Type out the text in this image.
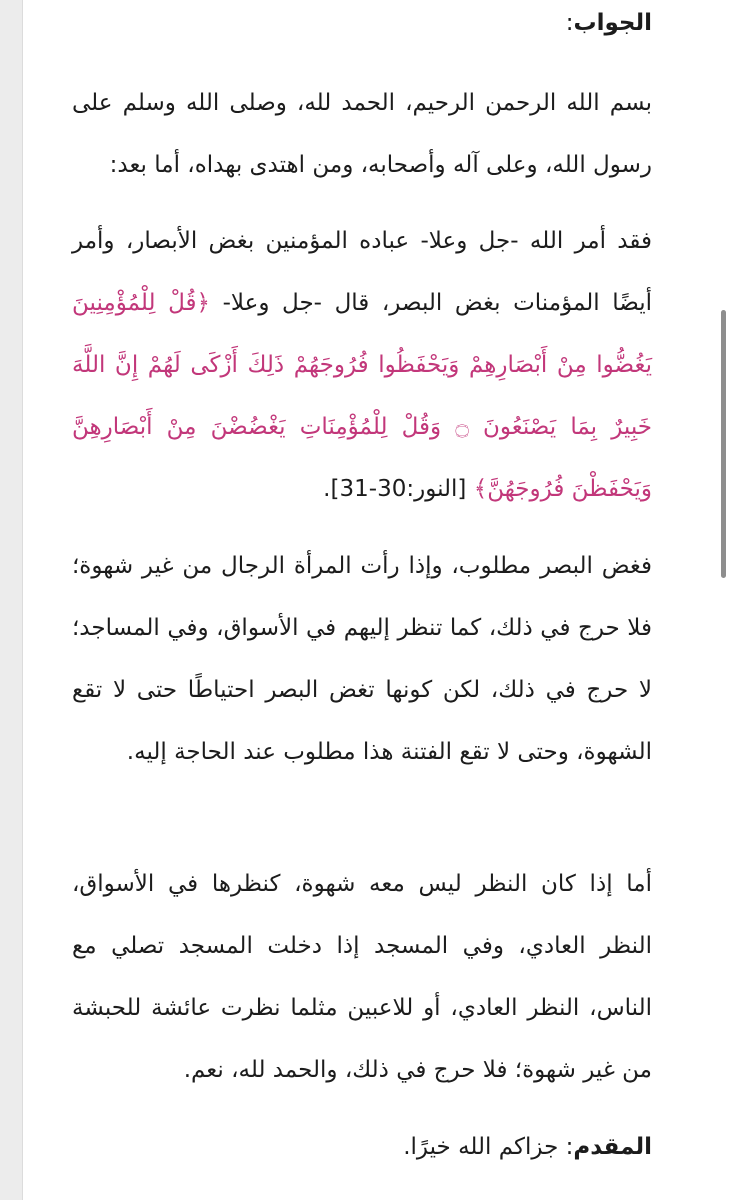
الجواب:

بسم الله الرحمن الرحيم، الحمد لله، وصلى الله وسلم على رسول الله، وعلى آله وأصحابه، ومن اهتدى بهداه، أما بعد:

فقد أمر الله -جل وعلا- عباده المؤمنين بغض الأبصار، وأمر أيضًا المؤمنات بغض البصر، قال -جل وعلا- ﴿قُلْ لِلْمُؤْمِنِينَ يَغُضُّوا مِنْ أَبْصَارِهِمْ وَيَحْفَظُوا فُرُوجَهُمْ ذَلِكَ أَزْكَى لَهُمْ إِنَّ اللَّهَ خَبِيرٌ بِمَا يَصْنَعُونَ ۝ وَقُلْ لِلْمُؤْمِنَاتِ يَغْضُضْنَ مِنْ أَبْصَارِهِنَّ وَيَحْفَظْنَ فُرُوجَهُنَّ﴾ [النور:30-31].

فغض البصر مطلوب، وإذا رأت المرأة الرجال من غير شهوة؛ فلا حرج في ذلك، كما تنظر إليهم في الأسواق، وفي المساجد؛ لا حرج في ذلك، لكن كونها تغض البصر احتياطًا حتى لا تقع الشهوة، وحتى لا تقع الفتنة هذا مطلوب عند الحاجة إليه.

أما إذا كان النظر ليس معه شهوة، كنظرها في الأسواق، النظر العادي، وفي المسجد إذا دخلت المسجد تصلي مع الناس، النظر العادي، أو للاعبين مثلما نظرت عائشة للحبشة من غير شهوة؛ فلا حرج في ذلك، والحمد لله، نعم.

المقدم: جزاكم الله خيرًا.
